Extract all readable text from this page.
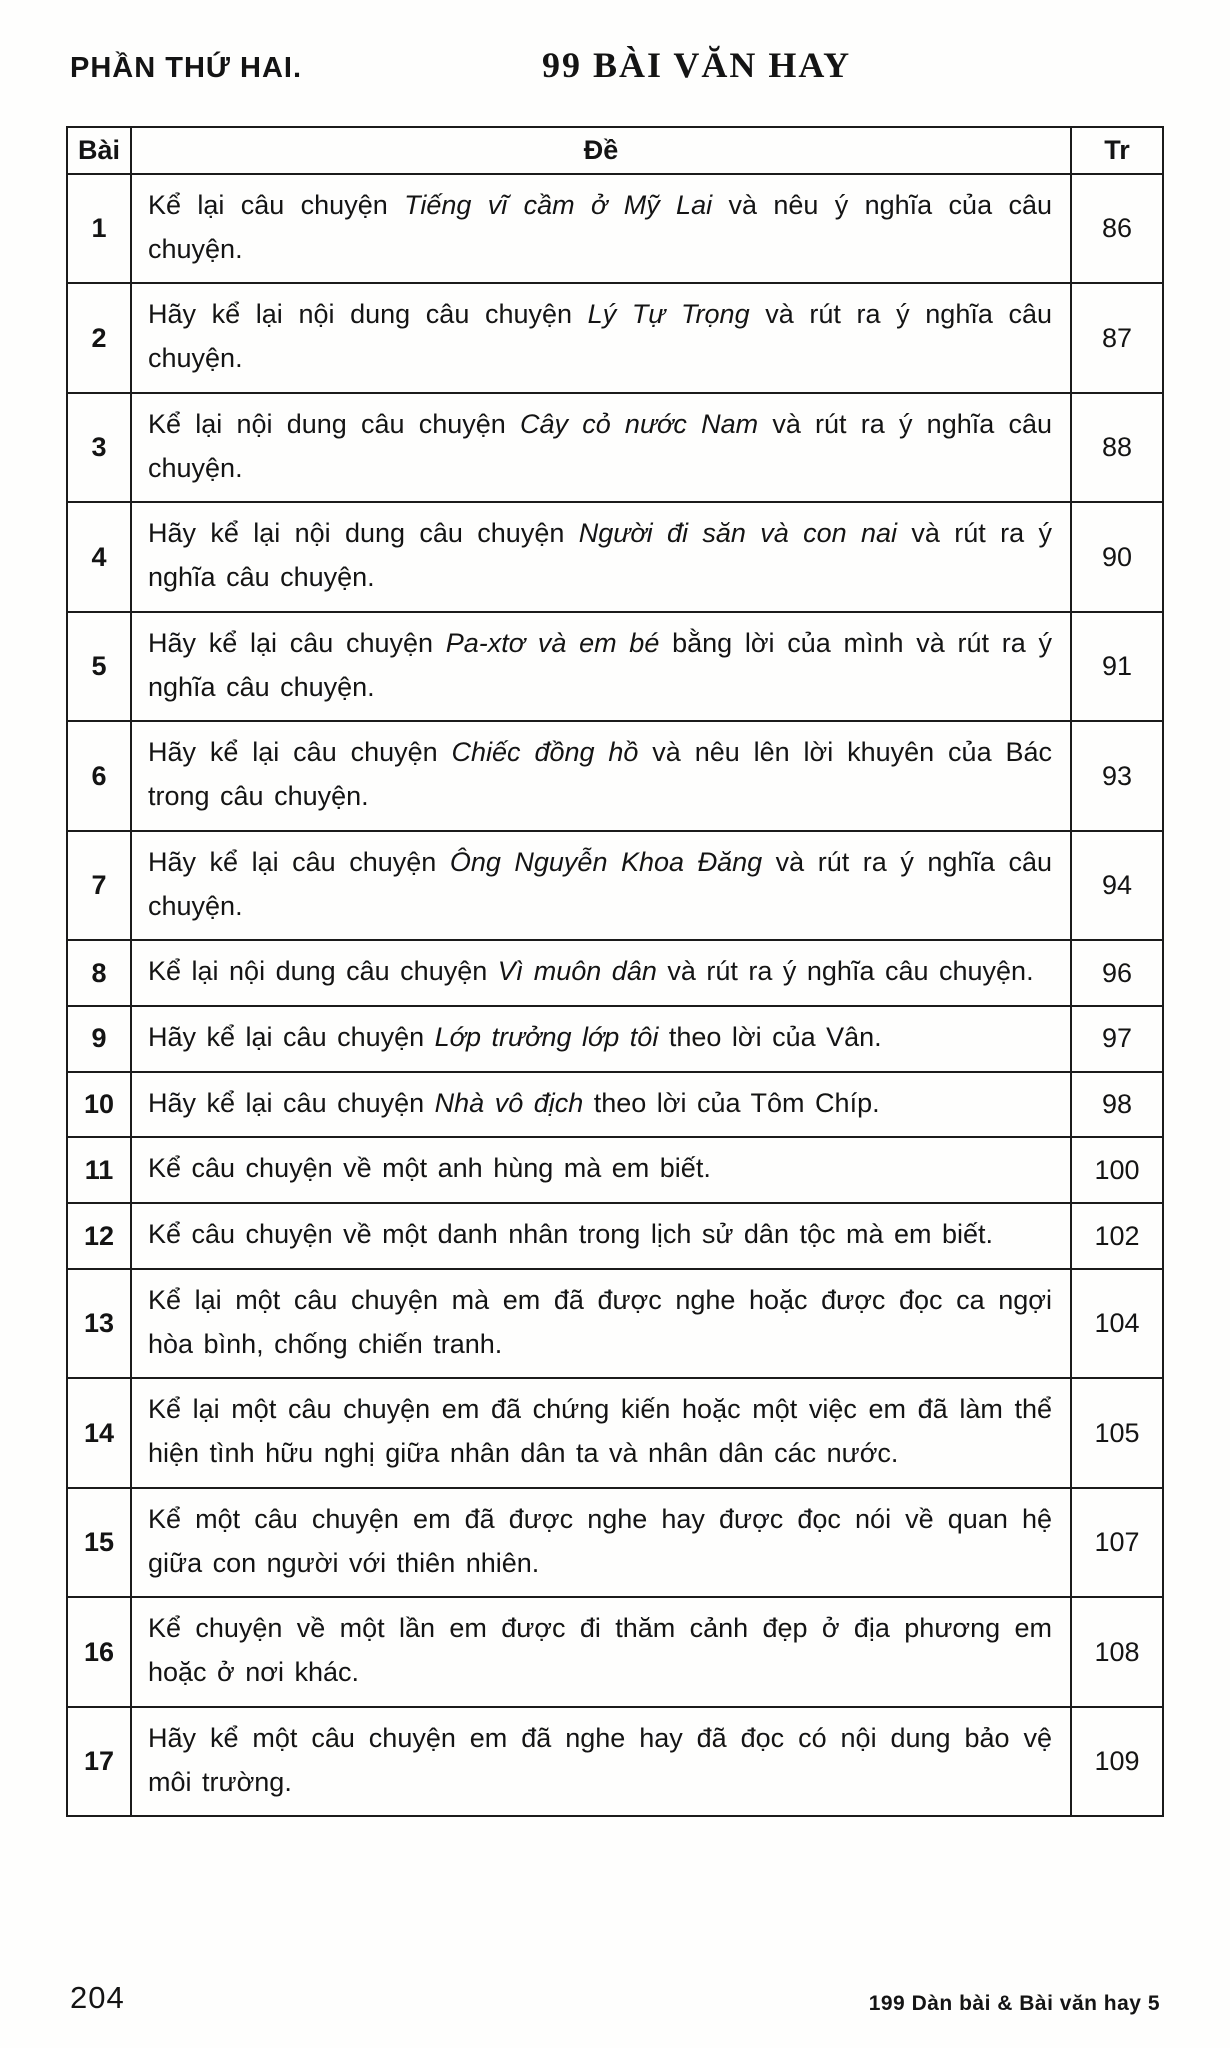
PHẦN THỨ HAI.	99 BÀI VĂN HAY
Bài	Đề	Tr
1	Kể lại câu chuyện Tiếng vĩ cầm ở Mỹ Lai và nêu ý nghĩa của câu chuyện.	86
2	Hãy kể lại nội dung câu chuyện Lý Tự Trọng và rút ra ý nghĩa câu chuyện.	87
3	Kể lại nội dung câu chuyện Cây cỏ nước Nam và rút ra ý nghĩa câu chuyện.	88
4	Hãy kể lại nội dung câu chuyện Người đi săn và con nai và rút ra ý nghĩa câu chuyện.	90
5	Hãy kể lại câu chuyện Pa-xtơ và em bé bằng lời của mình và rút ra ý nghĩa câu chuyện.	91
6	Hãy kể lại câu chuyện Chiếc đồng hồ và nêu lên lời khuyên của Bác trong câu chuyện.	93
7	Hãy kể lại câu chuyện Ông Nguyễn Khoa Đăng và rút ra ý nghĩa câu chuyện.	94
8	Kể lại nội dung câu chuyện Vì muôn dân và rút ra ý nghĩa câu chuyện.	96
9	Hãy kể lại câu chuyện Lớp trưởng lớp tôi theo lời của Vân.	97
10	Hãy kể lại câu chuyện Nhà vô địch theo lời của Tôm Chíp.	98
11	Kể câu chuyện về một anh hùng mà em biết.	100
12	Kể câu chuyện về một danh nhân trong lịch sử dân tộc mà em biết.	102
13	Kể lại một câu chuyện mà em đã được nghe hoặc được đọc ca ngợi hòa bình, chống chiến tranh.	104
14	Kể lại một câu chuyện em đã chứng kiến hoặc một việc em đã làm thể hiện tình hữu nghị giữa nhân dân ta và nhân dân các nước.	105
15	Kể một câu chuyện em đã được nghe hay được đọc nói về quan hệ giữa con người với thiên nhiên.	107
16	Kể chuyện về một lần em được đi thăm cảnh đẹp ở địa phương em hoặc ở nơi khác.	108
17	Hãy kể một câu chuyện em đã nghe hay đã đọc có nội dung bảo vệ môi trường.	109
204	199 Dàn bài & Bài văn hay 5
